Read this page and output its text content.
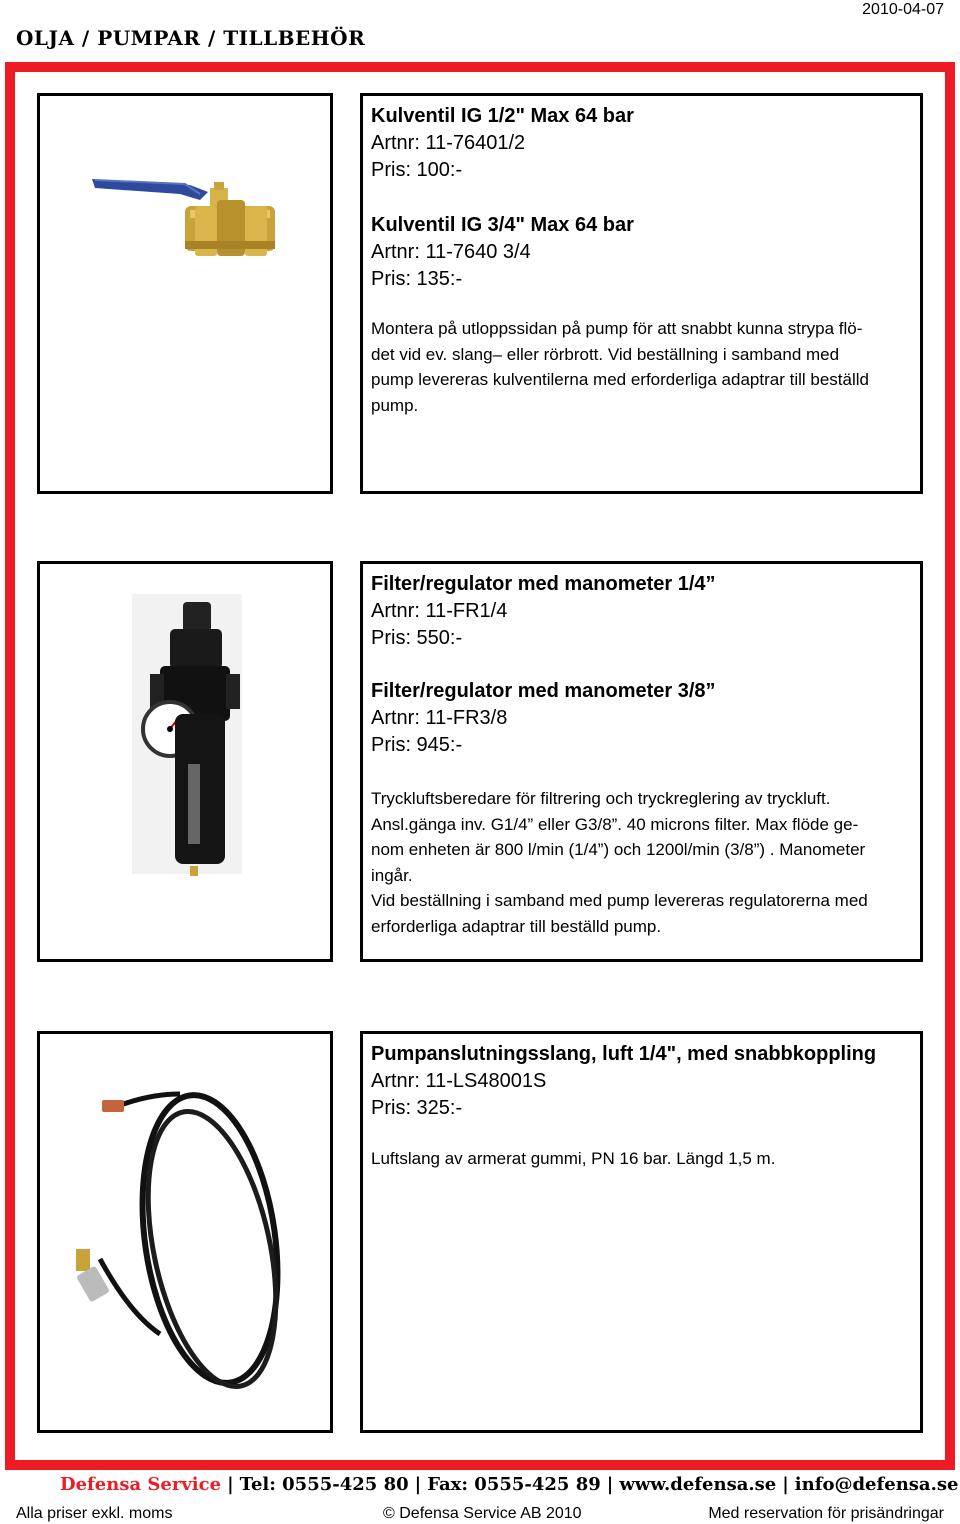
2010-04-07
OLJA / PUMPAR / TILLBEHÖR
Kulventil IG 1/2" Max 64 bar
Artnr: 11-76401/2
Pris: 100:-
Kulventil IG 3/4" Max 64 bar
Artnr: 11-7640 3/4
Pris: 135:-
Montera på utloppssidan på pump för att snabbt kunna strypa flö-
det vid ev. slang– eller rörbrott. Vid beställning i samband med
pump levereras kulventilerna med erforderliga adaptrar till beställd
pump.
Filter/regulator med manometer 1/4”
Artnr: 11-FR1/4
Pris: 550:-
Filter/regulator med manometer 3/8”
Artnr: 11-FR3/8
Pris: 945:-
Tryckluftsberedare för filtrering och tryckreglering av tryckluft.
Ansl.gänga inv. G1/4” eller G3/8”. 40 microns filter. Max flöde ge-
nom enheten är 800 l/min (1/4”) och 1200l/min (3/8”) . Manometer
ingår.
Vid beställning i samband med pump levereras regulatorerna med
erforderliga adaptrar till beställd pump.
Pumpanslutningsslang, luft 1/4", med snabbkoppling
Artnr: 11-LS48001S
Pris: 325:-
Luftslang av armerat gummi, PN 16 bar. Längd 1,5 m.
Defensa Service | Tel: 0555-425 80 | Fax: 0555-425 89 | www.defensa.se | info@defensa.se
Alla priser exkl. moms	© Defensa Service AB 2010	Med reservation för prisändringar
